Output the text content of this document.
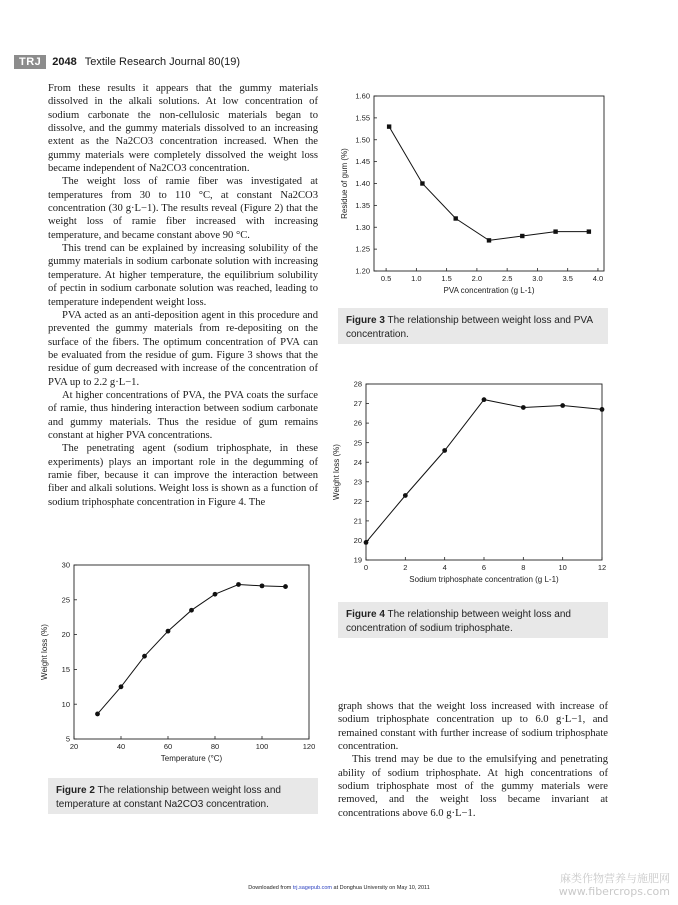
TRJ	2048 Textile Research Journal 80(19)

From these results it appears that the gummy materials dissolved in the alkali solutions. At low concentration of sodium carbonate the non-cellulosic materials began to dissolve, and the gummy materials dissolved to an increasing extent as the Na2CO3 concentration increased. When the gummy materials were completely dissolved the weight loss became independent of Na2CO3 concentration.

The weight loss of ramie fiber was investigated at temperatures from 30 to 110 °C, at constant Na2CO3 concentration (30 g·L−1). The results reveal (Figure 2) that the weight loss of ramie fiber increased with increasing temperature, and became constant above 90 °C.

This trend can be explained by increasing solubility of the gummy materials in sodium carbonate solution with increasing temperature. At higher temperature, the equilibrium solubility of pectin in sodium carbonate solution was reached, leading to temperature independent weight loss.

PVA acted as an anti-deposition agent in this procedure and prevented the gummy materials from re-depositing on the surface of the fibers. The optimum concentration of PVA can be evaluated from the residue of gum. Figure 3 shows that the residue of gum decreased with increase of the concentration of PVA up to 2.2 g·L−1.

At higher concentrations of PVA, the PVA coats the surface of ramie, thus hindering interaction between sodium carbonate and gummy materials. Thus the residue of gum remains constant at higher PVA concentrations.

The penetrating agent (sodium triphosphate, in these experiments) plays an important role in the degumming of ramie fiber, because it can improve the interaction between fiber and alkali solutions. Weight loss is shown as a function of sodium triphosphate concentration in Figure 4. The

0.5	1.0	1.5	2.0	2.5	3.0	3.5	4.0
1.20
1.25
1.30
1.35
1.40
1.45
1.50
1.55
1.60
PVA concentration (g L-1)
Residue of gum (%)
Figure 3 The relationship between weight loss and PVA concentration.
0	2	4	6	8	10	12
19
20
21
22
23
24
25
26
27
28
Sodium triphosphate concentration (g L-1)
Weight loss (%)
Figure 4 The relationship between weight loss and concentration of sodium triphosphate.
20	40	60	80	100	120
5
10
15
20
25
30
Temperature (°C)
Weight loss (%)
Figure 2 The relationship between weight loss and temperature at constant Na2CO3 concentration.

graph shows that the weight loss increased with increase of sodium triphosphate concentration up to 6.0 g·L−1, and remained constant with further increase of sodium triphosphate concentration.

This trend may be due to the emulsifying and penetrating ability of sodium triphosphate. At high concentrations of sodium triphosphate most of the gummy materials were removed, and the weight loss became invariant at concentrations above 6.0 g·L−1.

Downloaded from trj.sagepub.com at Donghua University on May 10, 2011
麻类作物营养与施肥网
www.fibercrops.com
